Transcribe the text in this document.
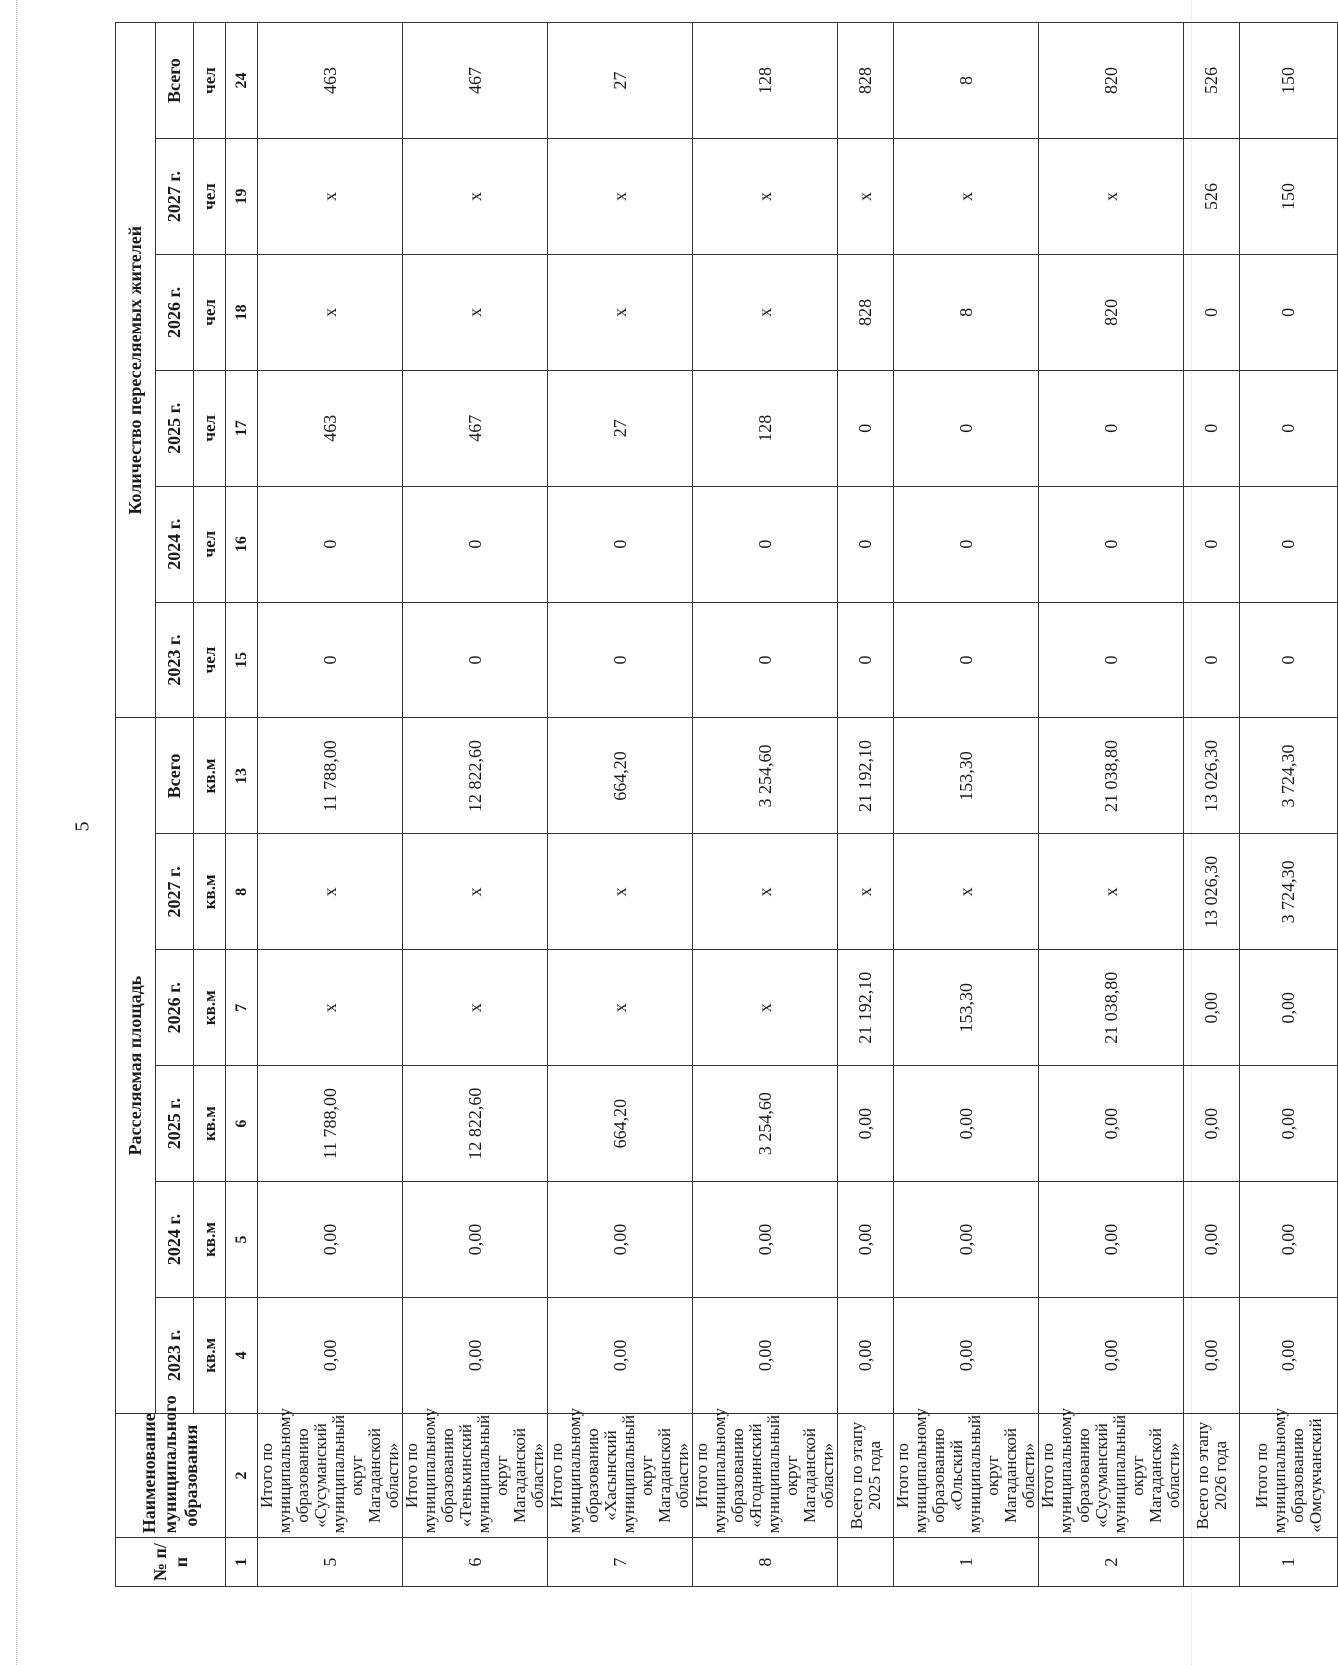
5
№ п/п	Наименование муниципального образования	Расселяемая площадь						Количество переселяемых жителей					
		2023 г.	2024 г.	2025 г.	2026 г.	2027 г.	Всего	2023 г.	2024 г.	2025 г.	2026 г.	2027 г.	Всего
		кв.м	кв.м	кв.м	кв.м	кв.м	кв.м	чел	чел	чел	чел	чел	чел
1	2	4	5	6	7	8	13	15	16	17	18	19	24
5	Итого по муниципальному образованию «Сусуманский муниципальный округ Магаданской области»	0,00	0,00	11 788,00	x	x	11 788,00	0	0	463	x	x	463
6	Итого по муниципальному образованию «Тенькинский муниципальный округ Магаданской области»	0,00	0,00	12 822,60	x	x	12 822,60	0	0	467	x	x	467
7	Итого по муниципальному образованию «Хасынский муниципальный округ Магаданской области»	0,00	0,00	664,20	x	x	664,20	0	0	27	x	x	27
8	Итого по муниципальному образованию «Ягоднинский муниципальный округ Магаданской области»	0,00	0,00	3 254,60	x	x	3 254,60	0	0	128	x	x	128
	Всего по этапу 2025 года	0,00	0,00	0,00	21 192,10	x	21 192,10	0	0	0	828	x	828
1	Итого по муниципальному образованию «Ольский муниципальный округ Магаданской области»	0,00	0,00	0,00	153,30	x	153,30	0	0	0	8	x	8
2	Итого по муниципальному образованию «Сусуманский муниципальный округ Магаданской области»	0,00	0,00	0,00	21 038,80	x	21 038,80	0	0	0	820	x	820
	Всего по этапу 2026 года	0,00	0,00	0,00	0,00	13 026,30	13 026,30	0	0	0	0	526	526
1	Итого по муниципальному образованию «Омсукчанский	0,00	0,00	0,00	0,00	3 724,30	3 724,30	0	0	0	0	150	150
